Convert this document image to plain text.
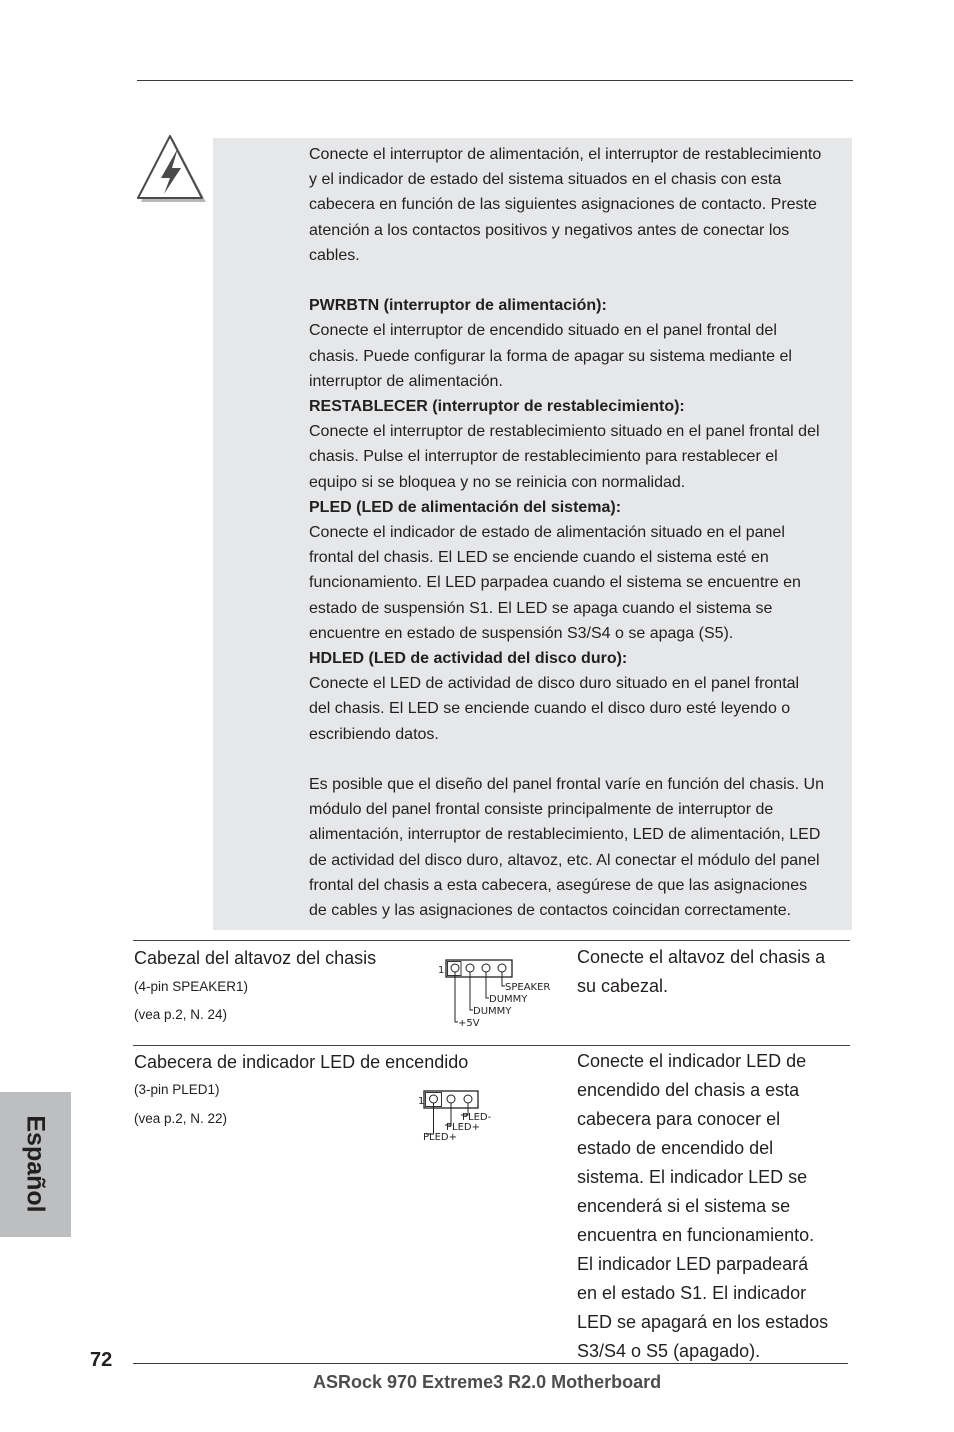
Conecte el interruptor de alimentación, el interruptor de restablecimiento

y el indicador de estado del sistema situados en el chasis con esta

cabecera en función de las siguientes asignaciones de contacto. Preste

atención a los contactos positivos y negativos antes de conectar los

cables.

PWRBTN (interruptor de alimentación):

Conecte el interruptor de encendido situado en el panel frontal del

chasis. Puede configurar la forma de apagar su sistema mediante el

interruptor de alimentación.

RESTABLECER (interruptor de restablecimiento):

Conecte el interruptor de restablecimiento situado en el panel frontal del

chasis. Pulse el interruptor de restablecimiento para restablecer el

equipo si se bloquea y no se reinicia con normalidad.

PLED (LED de alimentación del sistema):

Conecte el indicador de estado de alimentación situado en el panel

frontal del chasis. El LED se enciende cuando el sistema esté en

funcionamiento. El LED parpadea cuando el sistema se encuentre en

estado de suspensión S1. El LED se apaga cuando el sistema se

encuentre en estado de suspensión S3/S4 o se apaga (S5).

HDLED (LED de actividad del disco duro):

Conecte el LED de actividad de disco duro situado en el panel frontal

del chasis. El LED se enciende cuando el disco duro esté leyendo o

escribiendo datos.

Es posible que el diseño del panel frontal varíe en función del chasis. Un

módulo del panel frontal consiste principalmente de interruptor de

alimentación, interruptor de restablecimiento, LED de alimentación, LED

de actividad del disco duro, altavoz, etc. Al conectar el módulo del panel

frontal del chasis a esta cabecera, asegúrese de que las asignaciones

de cables y las asignaciones de contactos coincidan correctamente.

Cabezal del altavoz del chasis
(4-pin SPEAKER1)
(vea p.2, N. 24)
1
SPEAKER
DUMMY
DUMMY
+5V

Conecte el altavoz del chasis a

su cabezal.

Cabecera de indicador LED de encendido
(3-pin PLED1)
(vea p.2, N. 22)
1
PLED-
PLED+
PLED+

Conecte el indicador LED de

encendido del chasis a esta

cabecera para conocer el

estado de encendido del

sistema. El indicador LED se

encenderá si el sistema se

encuentra en funcionamiento.

El indicador LED parpadeará

en el estado S1. El indicador

LED se apagará en los estados

S3/S4 o S5 (apagado).

Español
72
ASRock 970 Extreme3 R2.0 Motherboard
